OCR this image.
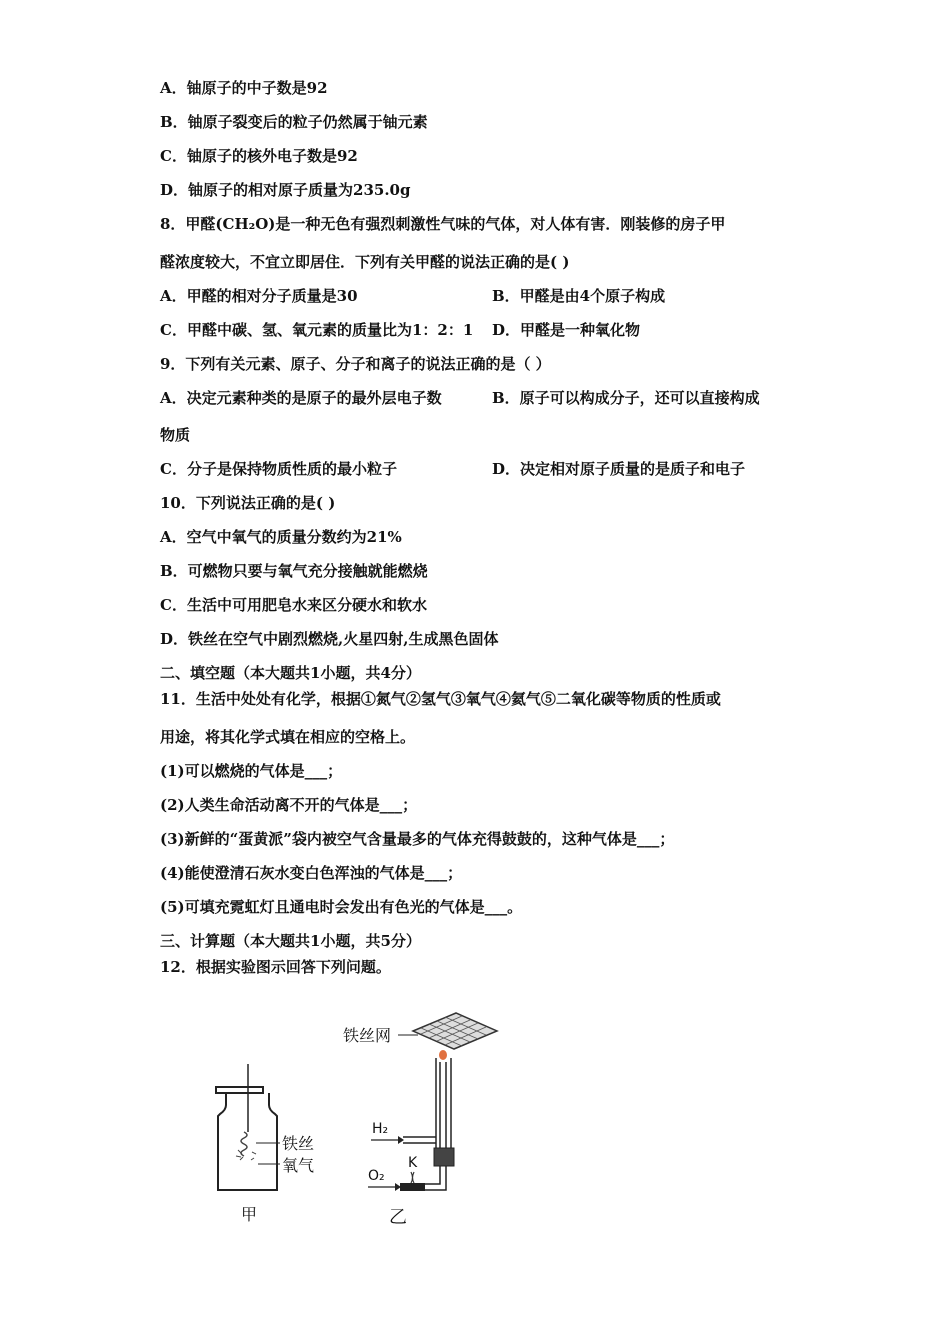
A．铀原子的中子数是92
B．铀原子裂变后的粒子仍然属于铀元素
C．铀原子的核外电子数是92
D．铀原子的相对原子质量为235.0g
8．甲醛(CH₂O)是一种无色有强烈刺激性气味的气体，对人体有害．刚装修的房子甲
醛浓度较大，不宜立即居住．下列有关甲醛的说法正确的是( )
A．甲醛的相对分子质量是30	B．甲醛是由4个原子构成
C．甲醛中碳、氢、氧元素的质量比为1：2：1 D．甲醛是一种氧化物
9．下列有关元素、原子、分子和离子的说法正确的是（ ）
A．决定元素种类的是原子的最外层电子数	B．原子可以构成分子，还可以直接构成
物质
C．分子是保持物质性质的最小粒子	D．决定相对原子质量的是质子和电子
10．下列说法正确的是( )
A．空气中氧气的质量分数约为21%
B．可燃物只要与氧气充分接触就能燃烧
C．生活中可用肥皂水来区分硬水和软水
D．铁丝在空气中剧烈燃烧,火星四射,生成黑色固体
二、填空题（本大题共1小题，共4分）
11．生活中处处有化学，根据①氮气②氢气③氧气④氦气⑤二氧化碳等物质的性质或
用途，将其化学式填在相应的空格上。
(1)可以燃烧的气体是___；
(2)人类生命活动离不开的气体是___；
(3)新鲜的“蛋黄派”袋内被空气含量最多的气体充得鼓鼓的，这种气体是___；
(4)能使澄清石灰水变白色浑浊的气体是___；
(5)可填充霓虹灯且通电时会发出有色光的气体是___。
三、计算题（本大题共1小题，共5分）
12．根据实验图示回答下列问题。
铁丝
氧气
甲
铁丝网
H₂
O₂
K
乙
